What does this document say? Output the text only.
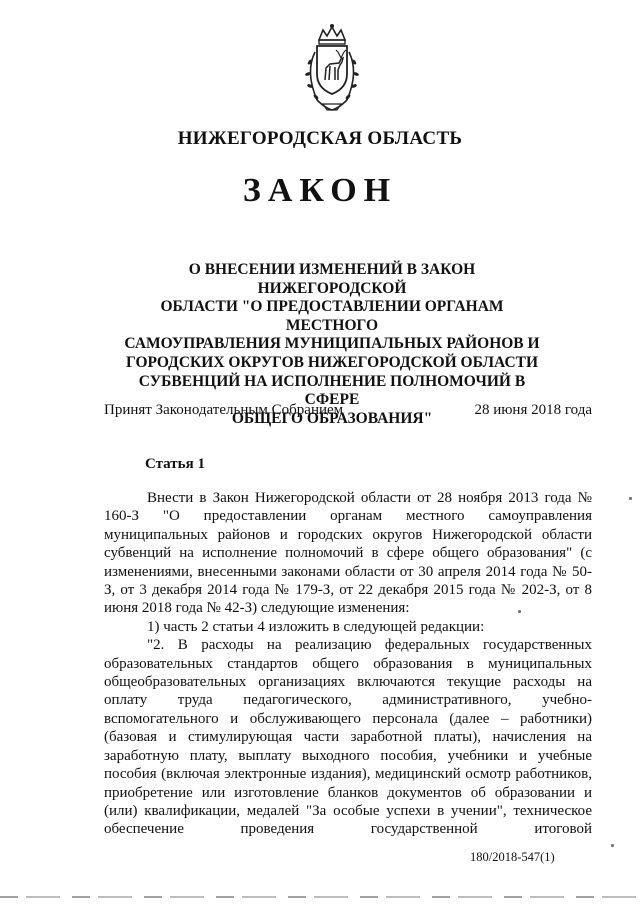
НИЖЕГОРОДСКАЯ ОБЛАСТЬ
ЗАКОН
О ВНЕСЕНИИ ИЗМЕНЕНИЙ В ЗАКОН НИЖЕГОРОДСКОЙ
ОБЛАСТИ "О ПРЕДОСТАВЛЕНИИ ОРГАНАМ МЕСТНОГО
САМОУПРАВЛЕНИЯ МУНИЦИПАЛЬНЫХ РАЙОНОВ И
ГОРОДСКИХ ОКРУГОВ НИЖЕГОРОДСКОЙ ОБЛАСТИ
СУБВЕНЦИЙ НА ИСПОЛНЕНИЕ ПОЛНОМОЧИЙ В СФЕРЕ
ОБЩЕГО ОБРАЗОВАНИЯ"
Принят Законодательным Собранием	28 июня 2018 года
Статья 1

Внести в Закон Нижегородской области от 28 ноября 2013 года № 160-З "О предоставлении органам местного самоуправления муниципальных районов и городских округов Нижегородской области субвенций на исполнение полномочий в сфере общего образования" (с изменениями, внесенными законами области от 30 апреля 2014 года № 50-З, от 3 декабря 2014 года № 179-З, от 22 декабря 2015 года № 202-З, от 8 июня 2018 года № 42-З) следующие изменения:

1) часть 2 статьи 4 изложить в следующей редакции:

"2. В расходы на реализацию федеральных государственных образовательных стандартов общего образования в муниципальных общеобразовательных организациях включаются текущие расходы на оплату труда педагогического, административного, учебно-вспомогательного и обслуживающего персонала (далее – работники) (базовая и стимулирующая части заработной платы), начисления на заработную плату, выплату выходного пособия, учебники и учебные пособия (включая электронные издания), медицинский осмотр работников, приобретение или изготовление бланков документов об образовании и (или) квалификации, медалей "За особые успехи в учении", техническое обеспечение проведения государственной итоговой

180/2018-547(1)
